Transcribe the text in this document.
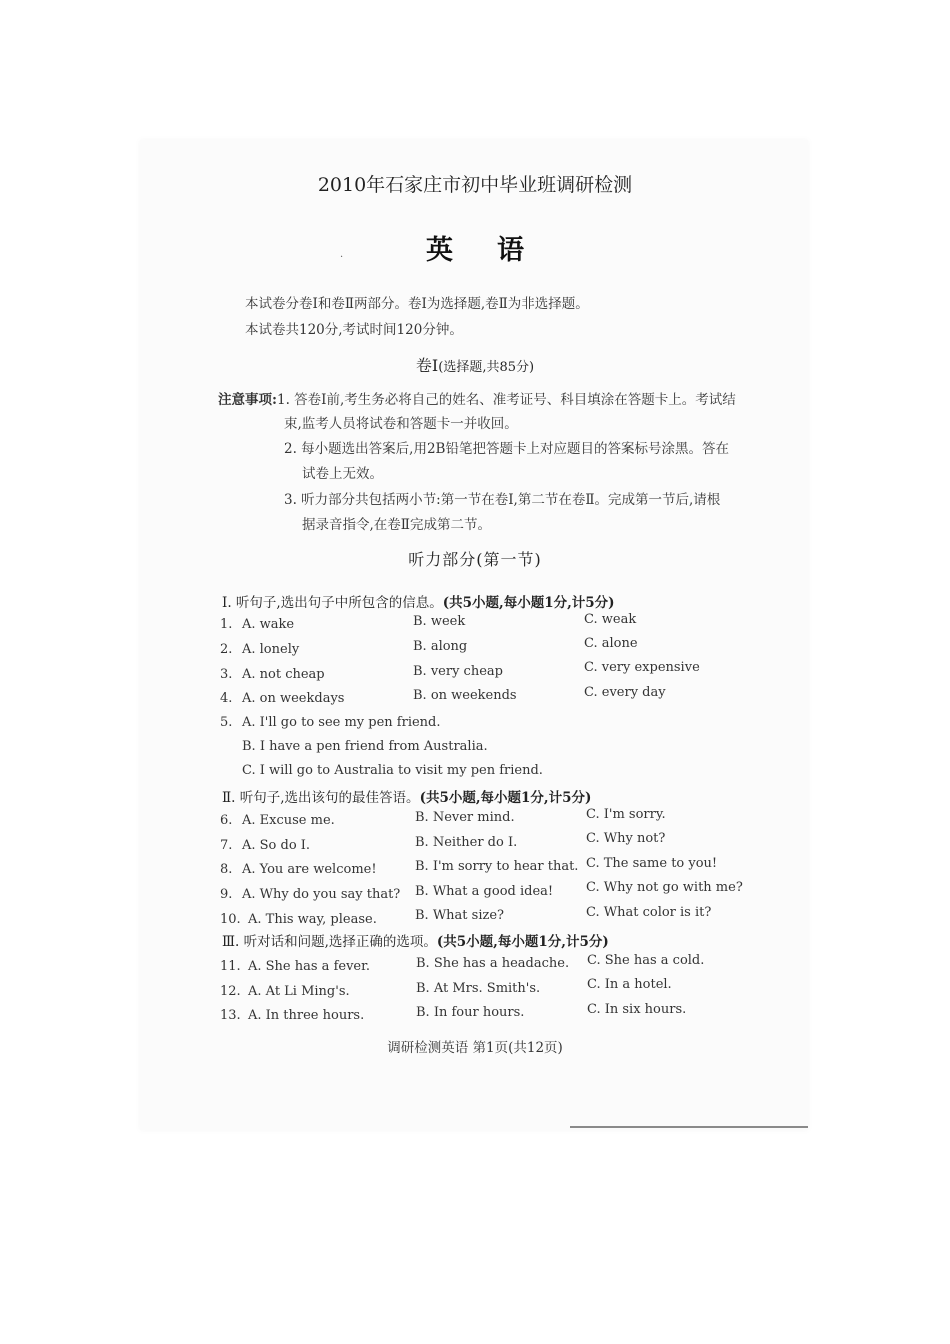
2010年石家庄市初中毕业班调研检测
·	英语
本试卷分卷Ⅰ和卷Ⅱ两部分。卷Ⅰ为选择题,卷Ⅱ为非选择题。
本试卷共120分,考试时间120分钟。
卷Ⅰ(选择题,共85分)
注意事项:1. 答卷Ⅰ前,考生务必将自己的姓名、准考证号、科目填涂在答题卡上。考试结
束,监考人员将试卷和答题卡一并收回。
2. 每小题选出答案后,用2B铅笔把答题卡上对应题目的答案标号涂黑。答在
试卷上无效。
3. 听力部分共包括两小节:第一节在卷Ⅰ,第二节在卷Ⅱ。完成第一节后,请根
据录音指令,在卷Ⅱ完成第二节。
听力部分(第一节)
Ⅰ. 听句子,选出句子中所包含的信息。(共5小题,每小题1分,计5分)
1. A. wake	B. week	C. weak
2. A. lonely	B. along	C. alone
3. A. not cheap	B. very cheap	C. very expensive
4. A. on weekdays	B. on weekends	C. every day
5. A. I'll go to see my pen friend.
B. I have a pen friend from Australia.
C. I will go to Australia to visit my pen friend.
Ⅱ. 听句子,选出该句的最佳答语。(共5小题,每小题1分,计5分)
6. A. Excuse me.	B. Never mind.	C. I'm sorry.
7. A. So do I.	B. Neither do I.	C. Why not?
8. A. You are welcome!	B. I'm sorry to hear that. C. The same to you!
9. A. Why do you say that? B. What a good idea!	C. Why not go with me?
10. A. This way, please.	B. What size?	C. What color is it?
Ⅲ. 听对话和问题,选择正确的选项。(共5小题,每小题1分,计5分)
11. A. She has a fever.	B. She has a headache. C. She has a cold.
12. A. At Li Ming's.	B. At Mrs. Smith's.	C. In a hotel.
13. A. In three hours.	B. In four hours.	C. In six hours.
调研检测英语 第1页(共12页)
